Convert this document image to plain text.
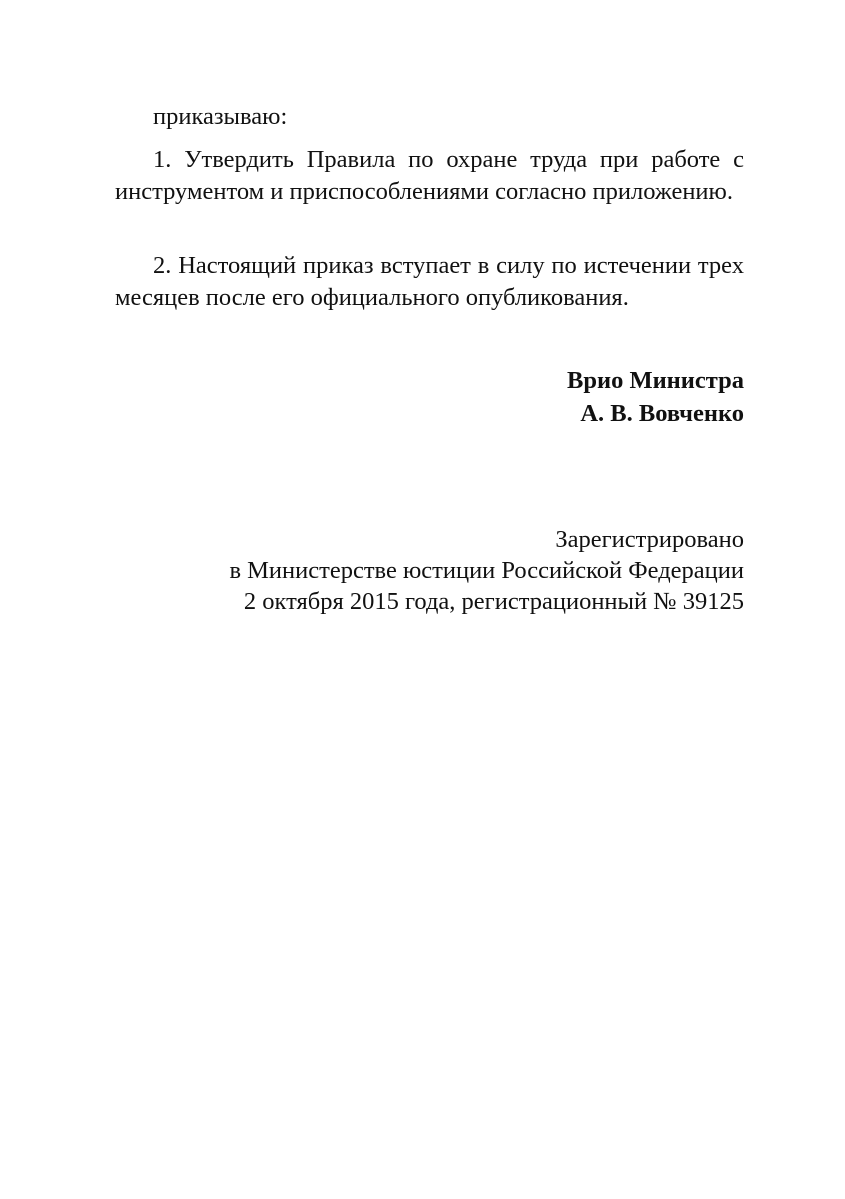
приказываю:

1. Утвердить Правила по охране труда при работе с инструментом и приспособлениями согласно приложению.

2. Настоящий приказ вступает в силу по истечении трех месяцев после его официального опубликования.

Врио Министра
А. В. Вовченко
Зарегистрировано
в Министерстве юстиции Российской Федерации
2 октября 2015 года, регистрационный № 39125
